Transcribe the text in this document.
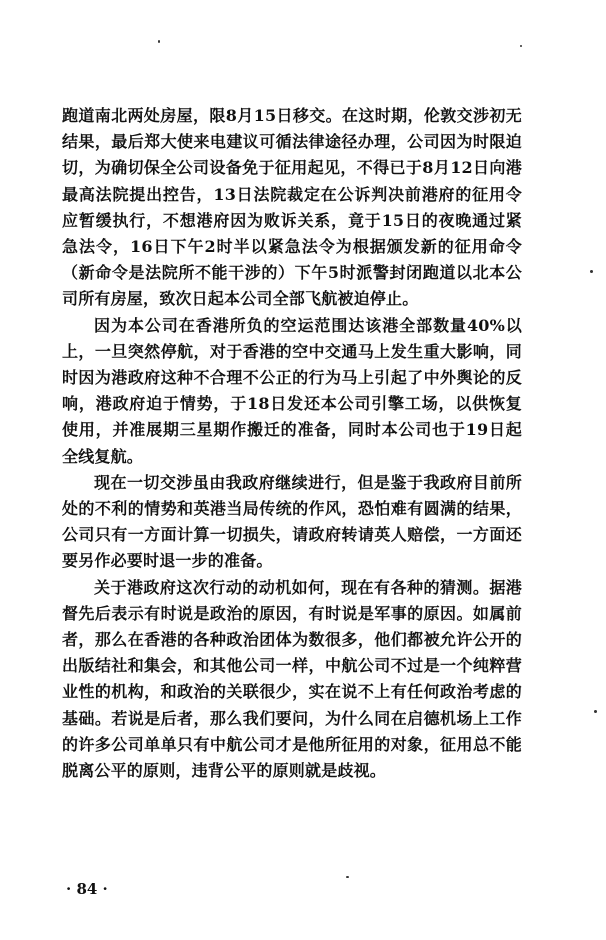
跑道南北两处房屋，限8月15日移交。在这时期，伦敦交涉初无结果，最后郑大使来电建议可循法律途径办理，公司因为时限迫切，为确切保全公司设备免于征用起见，不得已于8月12日向港最高法院提出控告，13日法院裁定在公诉判决前港府的征用令应暂缓执行，不想港府因为败诉关系，竟于15日的夜晚通过紧急法令，16日下午2时半以紧急法令为根据颁发新的征用命令（新命令是法院所不能干涉的）下午5时派警封闭跑道以北本公司所有房屋，致次日起本公司全部飞航被迫停止。

因为本公司在香港所负的空运范围达该港全部数量40%以上，一旦突然停航，对于香港的空中交通马上发生重大影响，同时因为港政府这种不合理不公正的行为马上引起了中外舆论的反响，港政府迫于情势，于18日发还本公司引擎工场，以供恢复使用，并准展期三星期作搬迁的准备，同时本公司也于19日起全线复航。

现在一切交涉虽由我政府继续进行，但是鉴于我政府目前所处的不利的情势和英港当局传统的作风，恐怕难有圆满的结果，公司只有一方面计算一切损失，请政府转请英人赔偿，一方面还要另作必要时退一步的准备。

关于港政府这次行动的动机如何，现在有各种的猜测。据港督先后表示有时说是政治的原因，有时说是军事的原因。如属前者，那么在香港的各种政治团体为数很多，他们都被允许公开的出版结社和集会，和其他公司一样，中航公司不过是一个纯粹营业性的机构，和政治的关联很少，实在说不上有任何政治考虑的基础。若说是后者，那么我们要问，为什么同在启德机场上工作的许多公司单单只有中航公司才是他所征用的对象，征用总不能脱离公平的原则，违背公平的原则就是歧视。

· 84 ·
